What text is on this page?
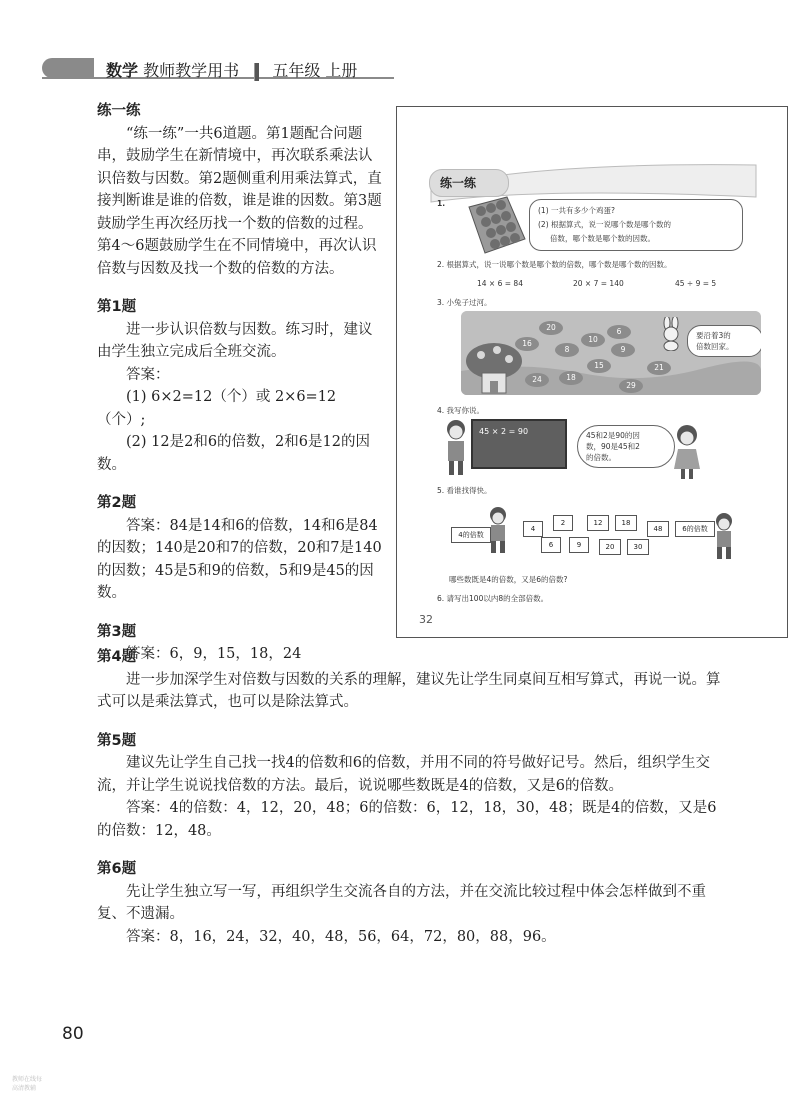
数学 教师教学用书 五年级 上册
练一练

“练一练”一共6道题。第1题配合问题串，鼓励学生在新情境中，再次联系乘法认识倍数与因数。第2题侧重利用乘法算式，直接判断谁是谁的倍数，谁是谁的因数。第3题鼓励学生再次经历找一个数的倍数的过程。第4～6题鼓励学生在不同情境中，再次认识倍数与因数及找一个数的倍数的方法。

第1题

进一步认识倍数与因数。练习时，建议由学生独立完成后全班交流。

答案：

(1) 6×2=12（个）或 2×6=12（个）;

(2) 12是2和6的倍数，2和6是12的因数。

第2题

答案：84是14和6的倍数，14和6是84的因数；140是20和7的倍数，20和7是140的因数；45是5和9的倍数，5和9是45的因数。

第3题

答案：6，9，15，18，24

第4题

进一步加深学生对倍数与因数的关系的理解，建议先让学生同桌间互相写算式，再说一说。算式可以是乘法算式，也可以是除法算式。

第5题

建议先让学生自己找一找4的倍数和6的倍数，并用不同的符号做好记号。然后，组织学生交流，并让学生说说找倍数的方法。最后，说说哪些数既是4的倍数，又是6的倍数。

答案：4的倍数：4，12，20，48；6的倍数：6，12，18，30，48；既是4的倍数，又是6的倍数：12，48。

第6题

先让学生独立写一写，再组织学生交流各自的方法，并在交流比较过程中体会怎样做到不重复、不遗漏。

答案：8，16，24，32，40，48，56，64，72，80，88，96。

练一练
1.
(1) 一共有多少个鸡蛋?
(2) 根据算式，说一说哪个数是哪个数的
倍数，哪个数是哪个数的因数。
2. 根据算式，说一说哪个数是哪个数的倍数，哪个数是哪个数的因数。
14 × 6 = 84	20 × 7 = 140	45 ÷ 9 = 5
3. 小兔子过河。
20	6
16
8
10
9
15	21
24	18
29
要沿着3的
倍数回家。
4. 我写你说。
45 × 2 = 90	45和2是90的因
数，90是45和2
的倍数。
5. 看谁找得快。
4的倍数
4
2	12	18
48
6	9	20	30
6的倍数
哪些数既是4的倍数，又是6的倍数?
6. 请写出100以内8的全部倍数。
32
80
教师在线每
高清教辅
